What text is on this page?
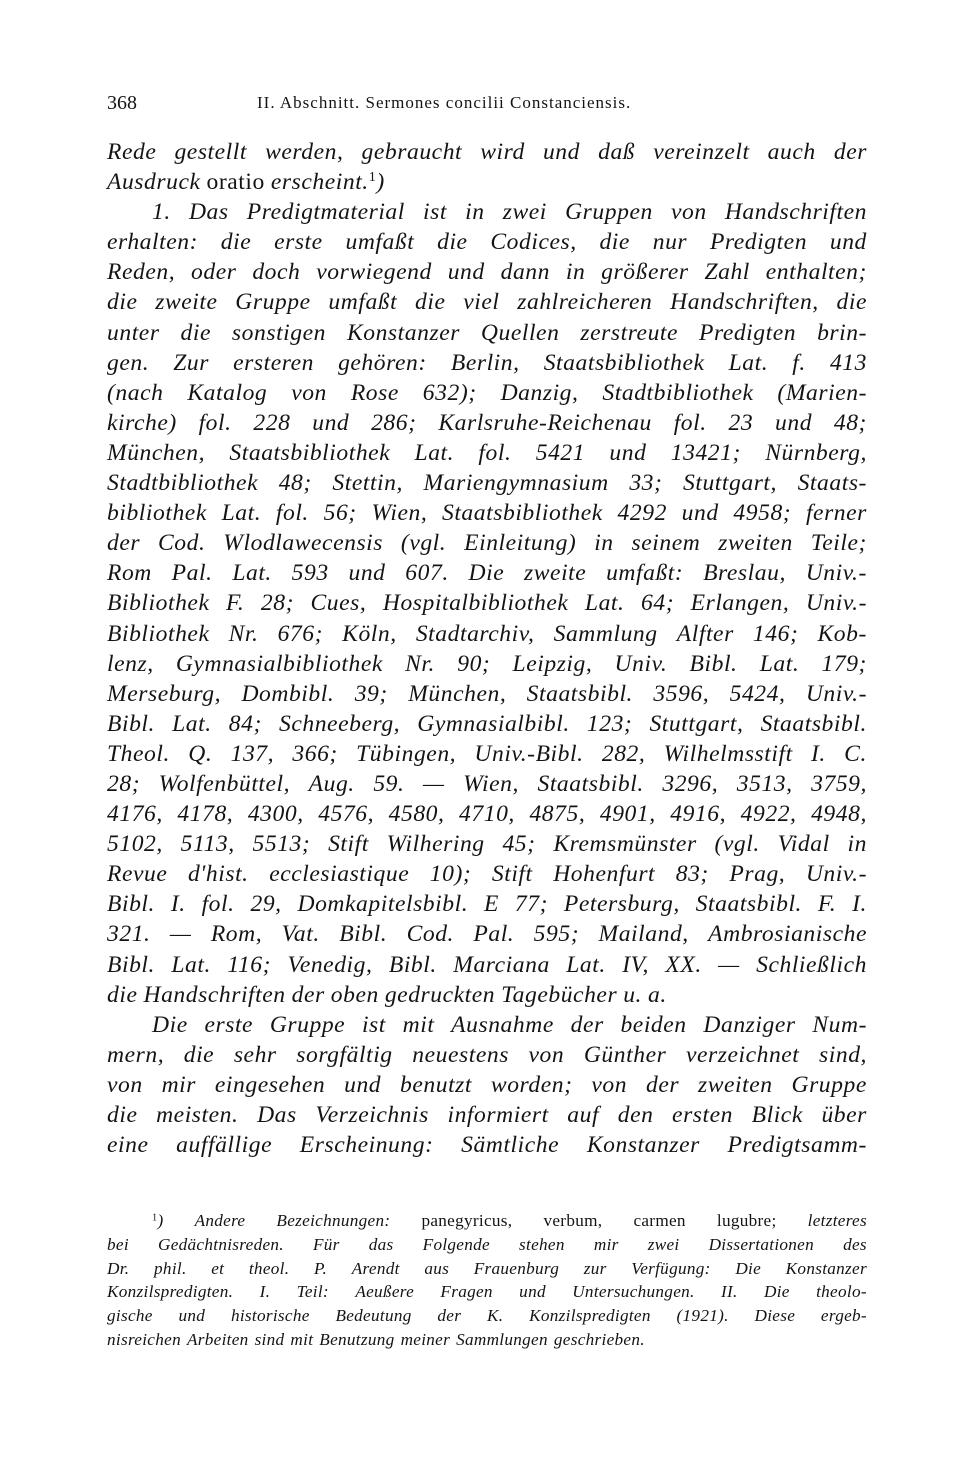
368	II. Abschnitt. Sermones concilii Constanciensis.
Rede gestellt werden, gebraucht wird und daß vereinzelt auch der
Ausdruck oratio erscheint.$^1$)
1. Das Predigtmaterial ist in zwei Gruppen von Handschriften
erhalten: die erste umfaßt die Codices, die nur Predigten und
Reden, oder doch vorwiegend und dann in größerer Zahl enthalten;
die zweite Gruppe umfaßt die viel zahlreicheren Handschriften, die
unter die sonstigen Konstanzer Quellen zerstreute Predigten brin-
gen. Zur ersteren gehören: Berlin, Staatsbibliothek Lat. f. 413
(nach Katalog von Rose 632); Danzig, Stadtbibliothek (Marien-
kirche) fol. 228 und 286; Karlsruhe-Reichenau fol. 23 und 48;
München, Staatsbibliothek Lat. fol. 5421 und 13421; Nürnberg,
Stadtbibliothek 48; Stettin, Mariengymnasium 33; Stuttgart, Staats-
bibliothek Lat. fol. 56; Wien, Staatsbibliothek 4292 und 4958; ferner
der Cod. Wlodlawecensis (vgl. Einleitung) in seinem zweiten Teile;
Rom Pal. Lat. 593 und 607. Die zweite umfaßt: Breslau, Univ.-
Bibliothek F. 28; Cues, Hospitalbibliothek Lat. 64; Erlangen, Univ.-
Bibliothek Nr. 676; Köln, Stadtarchiv, Sammlung Alfter 146; Kob-
lenz, Gymnasialbibliothek Nr. 90; Leipzig, Univ. Bibl. Lat. 179;
Merseburg, Dombibl. 39; München, Staatsbibl. 3596, 5424, Univ.-
Bibl. Lat. 84; Schneeberg, Gymnasialbibl. 123; Stuttgart, Staatsbibl.
Theol. Q. 137, 366; Tübingen, Univ.-Bibl. 282, Wilhelmsstift I. C.
28; Wolfenbüttel, Aug. 59. — Wien, Staatsbibl. 3296, 3513, 3759,
4176, 4178, 4300, 4576, 4580, 4710, 4875, 4901, 4916, 4922, 4948,
5102, 5113, 5513; Stift Wilhering 45; Kremsmünster (vgl. Vidal in
Revue d'hist. ecclesiastique 10); Stift Hohenfurt 83; Prag, Univ.-
Bibl. I. fol. 29, Domkapitelsbibl. E 77; Petersburg, Staatsbibl. F. I.
321. — Rom, Vat. Bibl. Cod. Pal. 595; Mailand, Ambrosianische
Bibl. Lat. 116; Venedig, Bibl. Marciana Lat. IV, XX. — Schließlich
die Handschriften der oben gedruckten Tagebücher u. a.
Die erste Gruppe ist mit Ausnahme der beiden Danziger Num-
mern, die sehr sorgfältig neuestens von Günther verzeichnet sind,
von mir eingesehen und benutzt worden; von der zweiten Gruppe
die meisten. Das Verzeichnis informiert auf den ersten Blick über
eine auffällige Erscheinung: Sämtliche Konstanzer Predigtsamm-
$^1$) Andere Bezeichnungen: panegyricus, verbum, carmen lugubre; letzteres
bei Gedächtnisreden. Für das Folgende stehen mir zwei Dissertationen des
Dr. phil. et theol. P. Arendt aus Frauenburg zur Verfügung: Die Konstanzer
Konzilspredigten. I. Teil: Aeußere Fragen und Untersuchungen. II. Die theolo-
gische und historische Bedeutung der K. Konzilspredigten (1921). Diese ergeb-
nisreichen Arbeiten sind mit Benutzung meiner Sammlungen geschrieben.
